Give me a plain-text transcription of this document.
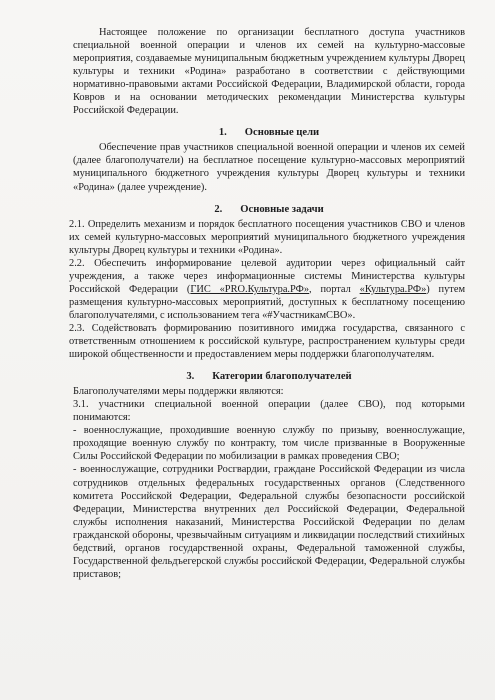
Настоящее положение по организации бесплатного доступа участников специальной военной операции и членов их семей на культурно-массовые мероприятия, создаваемые муниципальным бюджетным учреждением культуры Дворец культуры и техники «Родина» разработано в соответствии с действующими нормативно-правовыми актами Российской Федерации, Владимирской области, города Ковров и на основании методических рекомендации Министерства культуры Российской Федерации.

1. Основные цели

Обеспечение прав участников специальной военной операции и членов их семей (далее благополучатели) на бесплатное посещение культурно-массовых мероприятий муниципального бюджетного учреждения культуры Дворец культуры и техники «Родина» (далее учреждение).

2. Основные задачи

2.1. Определить механизм и порядок бесплатного посещения участников СВО и членов их семей культурно-массовых мероприятий муниципального бюджетного учреждения культуры Дворец культуры и техники «Родина».

2.2. Обеспечить информирование целевой аудитории через официальный сайт учреждения, а также через информационные системы Министерства культуры Российской Федерации (ГИС «PRO.Культура.РФ», портал «Культура.РФ») путем размещения культурно-массовых мероприятий, доступных к бесплатному посещению благополучателями, с использованием тега «#УчастникамСВО».

2.3. Содействовать формированию позитивного имиджа государства, связанного с ответственным отношением к российской культуре, распространением культуры среди широкой общественности и предоставлением меры поддержки благополучателям.

3. Категории благополучателей

Благополучателями меры поддержки являются:

3.1. участники специальной военной операции (далее СВО), под которыми понимаются:

- военнослужащие, проходившие военную службу по призыву, военнослужащие, проходящие военную службу по контракту, том числе призванные в Вооруженные Силы Российской Федерации по мобилизации в рамках проведения СВО;

- военнослужащие, сотрудники Росгвардии, граждане Российской Федерации из числа сотрудников отдельных федеральных государственных органов (Следственного комитета Российской Федерации, Федеральной службы безопасности российской Федерации, Министерства внутренних дел Российской Федерации, Федеральной службы исполнения наказаний, Министерства Российской Федерации по делам гражданской обороны, чрезвычайным ситуациям и ликвидации последствий стихийных бедствий, органов государственной охраны, Федеральной таможенной службы, Государственной фельдъегерской службы российской Федерации, Федеральной службы приставов;
